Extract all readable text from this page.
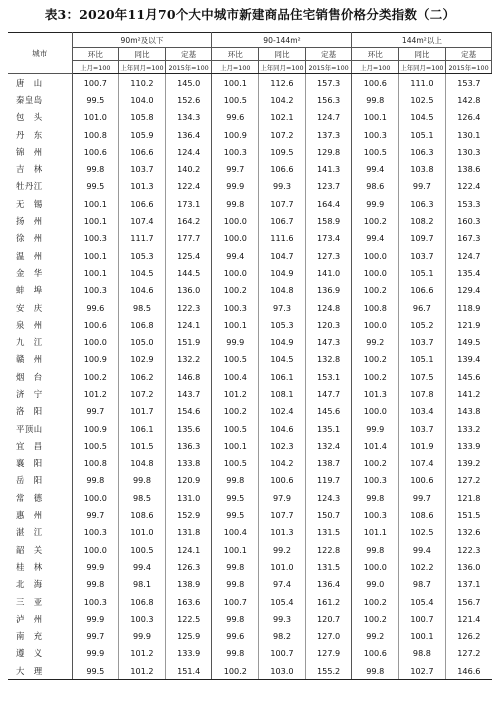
表3：2020年11月70个大中城市新建商品住宅销售价格分类指数（二）
城市	90m²及以下			90-144m²			144m²以上		
	环比	同比	定基	环比	同比	定基	环比	同比	定基
	上月=100	上年同月=100	2015年=100	上月=100	上年同月=100	2015年=100	上月=100	上年同月=100	2015年=100
唐　山	100.7	110.2	145.0	100.1	112.6	157.3	100.6	111.0	153.7
秦皇岛	99.5	104.0	152.6	100.5	104.2	156.3	99.8	102.5	142.8
包　头	101.0	105.8	134.3	99.6	102.1	124.7	100.1	104.5	126.4
丹　东	100.8	105.9	136.4	100.9	107.2	137.3	100.3	105.1	130.1
锦　州	100.6	106.6	124.4	100.3	109.5	129.8	100.5	106.3	130.3
吉　林	99.8	103.7	140.2	99.7	106.6	141.3	99.4	103.8	138.6
牡丹江	99.5	101.3	122.4	99.9	99.3	123.7	98.6	99.7	122.4
无　锡	100.1	106.6	173.1	99.8	107.7	164.4	99.9	106.3	153.3
扬　州	100.1	107.4	164.2	100.0	106.7	158.9	100.2	108.2	160.3
徐　州	100.3	111.7	177.7	100.0	111.6	173.4	99.4	109.7	167.3
温　州	100.1	105.3	125.4	99.4	104.7	127.3	100.0	103.7	124.7
金　华	100.1	104.5	144.5	100.0	104.9	141.0	100.0	105.1	135.4
蚌　埠	100.3	104.6	136.0	100.2	104.8	136.9	100.2	106.6	129.4
安　庆	99.6	98.5	122.3	100.3	97.3	124.8	100.8	96.7	118.9
泉　州	100.6	106.8	124.1	100.1	105.3	120.3	100.0	105.2	121.9
九　江	100.0	105.0	151.9	99.9	104.9	147.3	99.2	103.7	149.5
赣　州	100.9	102.9	132.2	100.5	104.5	132.8	100.2	105.1	139.4
烟　台	100.2	106.2	146.8	100.4	106.1	153.1	100.2	107.5	145.6
济　宁	101.2	107.2	143.7	101.2	108.1	147.7	101.3	107.8	141.2
洛　阳	99.7	101.7	154.6	100.2	102.4	145.6	100.0	103.4	143.8
平顶山	100.9	106.1	135.6	100.5	104.6	135.1	99.9	103.7	133.2
宜　昌	100.5	101.5	136.3	100.1	102.3	132.4	101.4	101.9	133.9
襄　阳	100.8	104.8	133.8	100.5	104.2	138.7	100.2	107.4	139.2
岳　阳	99.8	99.8	120.9	99.8	100.6	119.7	100.3	100.6	127.2
常　德	100.0	98.5	131.0	99.5	97.9	124.3	99.8	99.7	121.8
惠　州	99.7	108.6	152.9	99.5	107.7	150.7	100.3	108.6	151.5
湛　江	100.3	101.0	131.8	100.4	101.3	131.5	101.1	102.5	132.6
韶　关	100.0	100.5	124.1	100.1	99.2	122.8	99.8	99.4	122.3
桂　林	99.9	99.4	126.3	99.8	101.0	131.5	100.0	102.2	136.0
北　海	99.8	98.1	138.9	99.8	97.4	136.4	99.0	98.7	137.1
三　亚	100.3	106.8	163.6	100.7	105.4	161.2	100.2	105.4	156.7
泸　州	99.9	100.3	122.5	99.8	99.3	120.7	100.2	100.7	121.4
南　充	99.7	99.9	125.9	99.6	98.2	127.0	99.2	100.1	126.2
遵　义	99.9	101.2	133.9	99.8	100.7	127.9	100.6	98.8	127.2
大　理	99.5	101.2	151.4	100.2	103.0	155.2	99.8	102.7	146.6
